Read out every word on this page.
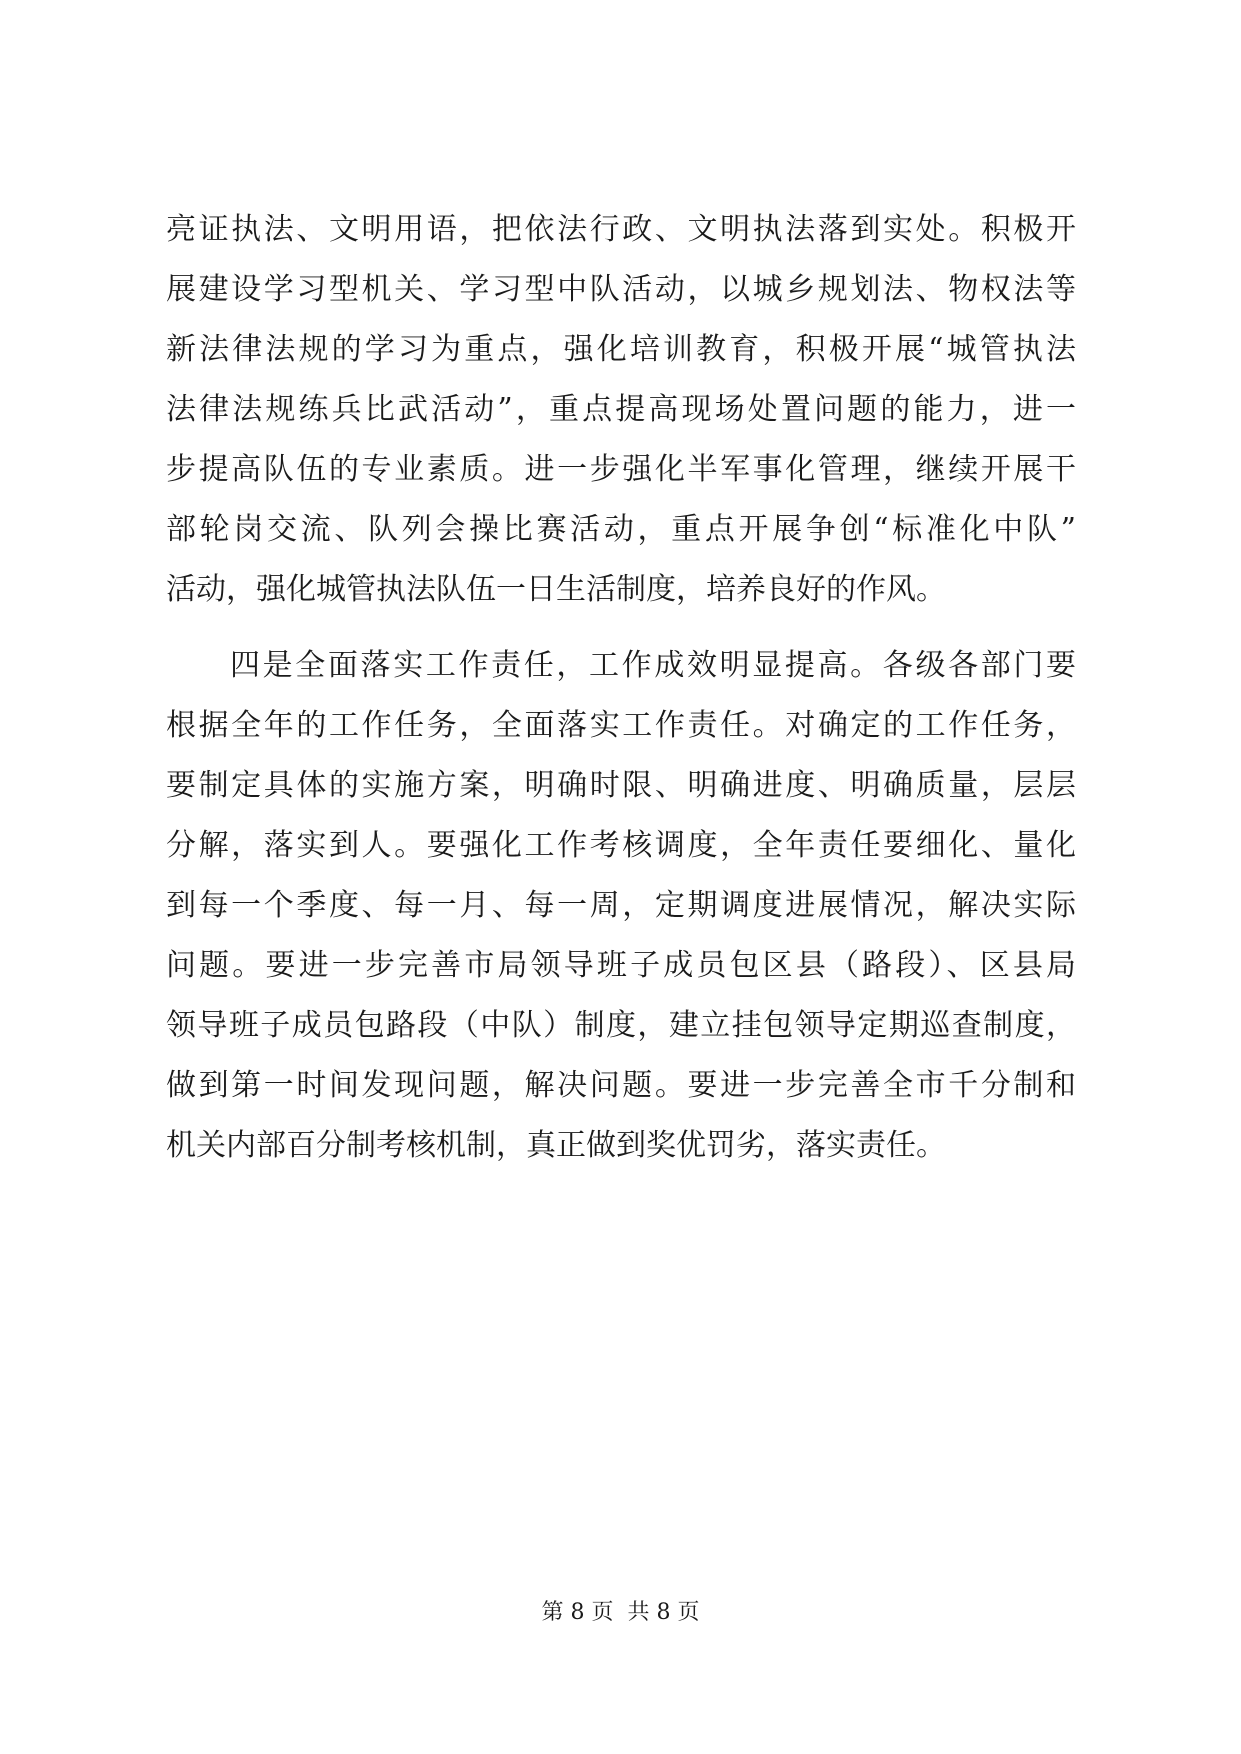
亮证执法、文明用语，把依法行政、文明执法落到实处。积极开
展建设学习型机关、学习型中队活动，以城乡规划法、物权法等
新法律法规的学习为重点，强化培训教育，积极开展“城管执法
法律法规练兵比武活动”，重点提高现场处置问题的能力，进一
步提高队伍的专业素质。进一步强化半军事化管理，继续开展干
部轮岗交流、队列会操比赛活动，重点开展争创“标准化中队”
活动，强化城管执法队伍一日生活制度，培养良好的作风。
四是全面落实工作责任，工作成效明显提高。各级各部门要
根据全年的工作任务，全面落实工作责任。对确定的工作任务，
要制定具体的实施方案，明确时限、明确进度、明确质量，层层
分解，落实到人。要强化工作考核调度，全年责任要细化、量化
到每一个季度、每一月、每一周，定期调度进展情况，解决实际
问题。要进一步完善市局领导班子成员包区县（路段）、区县局
领导班子成员包路段（中队）制度，建立挂包领导定期巡查制度，
做到第一时间发现问题，解决问题。要进一步完善全市千分制和
机关内部百分制考核机制，真正做到奖优罚劣，落实责任。
第 8 页  共 8 页
